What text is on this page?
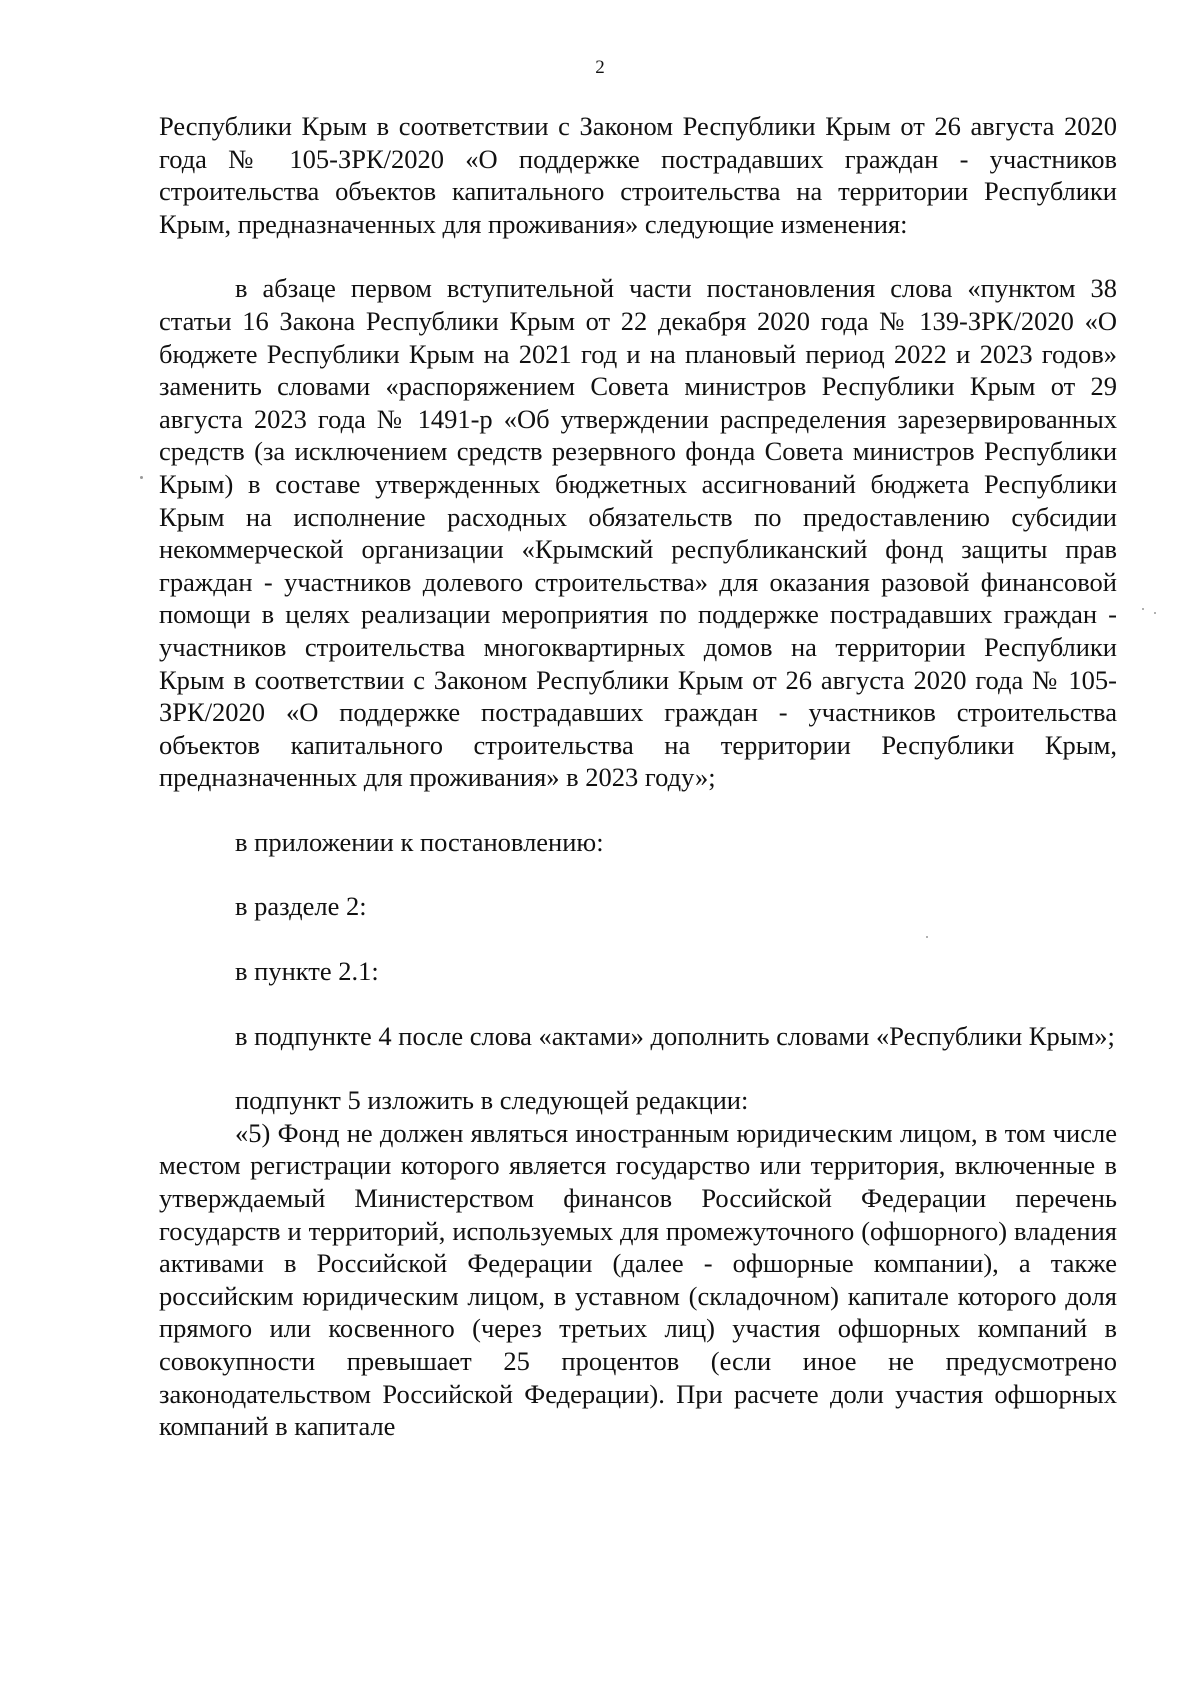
2

Республики Крым в соответствии с Законом Республики Крым от 26 августа 2020 года № 105-ЗРК/2020 «О поддержке пострадавших граждан - участников строительства объектов капитального строительства на территории Республики Крым, предназначенных для проживания» следующие изменения:

в абзаце первом вступительной части постановления слова «пунктом 38 статьи 16 Закона Республики Крым от 22 декабря 2020 года № 139-ЗРК/2020 «О бюджете Республики Крым на 2021 год и на плановый период 2022 и 2023 годов» заменить словами «распоряжением Совета министров Республики Крым от 29 августа 2023 года № 1491-р «Об утверждении распределения зарезервированных средств (за исключением средств резервного фонда Совета министров Республики Крым) в составе утвержденных бюджетных ассигнований бюджета Республики Крым на исполнение расходных обязательств по предоставлению субсидии некоммерческой организации «Крымский республиканский фонд защиты прав граждан - участников долевого строительства» для оказания разовой финансовой помощи в целях реализации мероприятия по поддержке пострадавших граждан - участников строительства многоквартирных домов на территории Республики Крым в соответствии с Законом Республики Крым от 26 августа 2020 года № 105-ЗРК/2020 «О поддержке пострадавших граждан - участников строительства объектов капитального строительства на территории Республики Крым, предназначенных для проживания» в 2023 году»;

в приложении к постановлению:

в разделе 2:

в пункте 2.1:

в подпункте 4 после слова «актами» дополнить словами «Республики Крым»;

подпункт 5 изложить в следующей редакции:

«5) Фонд не должен являться иностранным юридическим лицом, в том числе местом регистрации которого является государство или территория, включенные в утверждаемый Министерством финансов Российской Федерации перечень государств и территорий, используемых для промежуточного (офшорного) владения активами в Российской Федерации (далее - офшорные компании), а также российским юридическим лицом, в уставном (складочном) капитале которого доля прямого или косвенного (через третьих лиц) участия офшорных компаний в совокупности превышает 25 процентов (если иное не предусмотрено законодательством Российской Федерации). При расчете доли участия офшорных компаний в капитале
